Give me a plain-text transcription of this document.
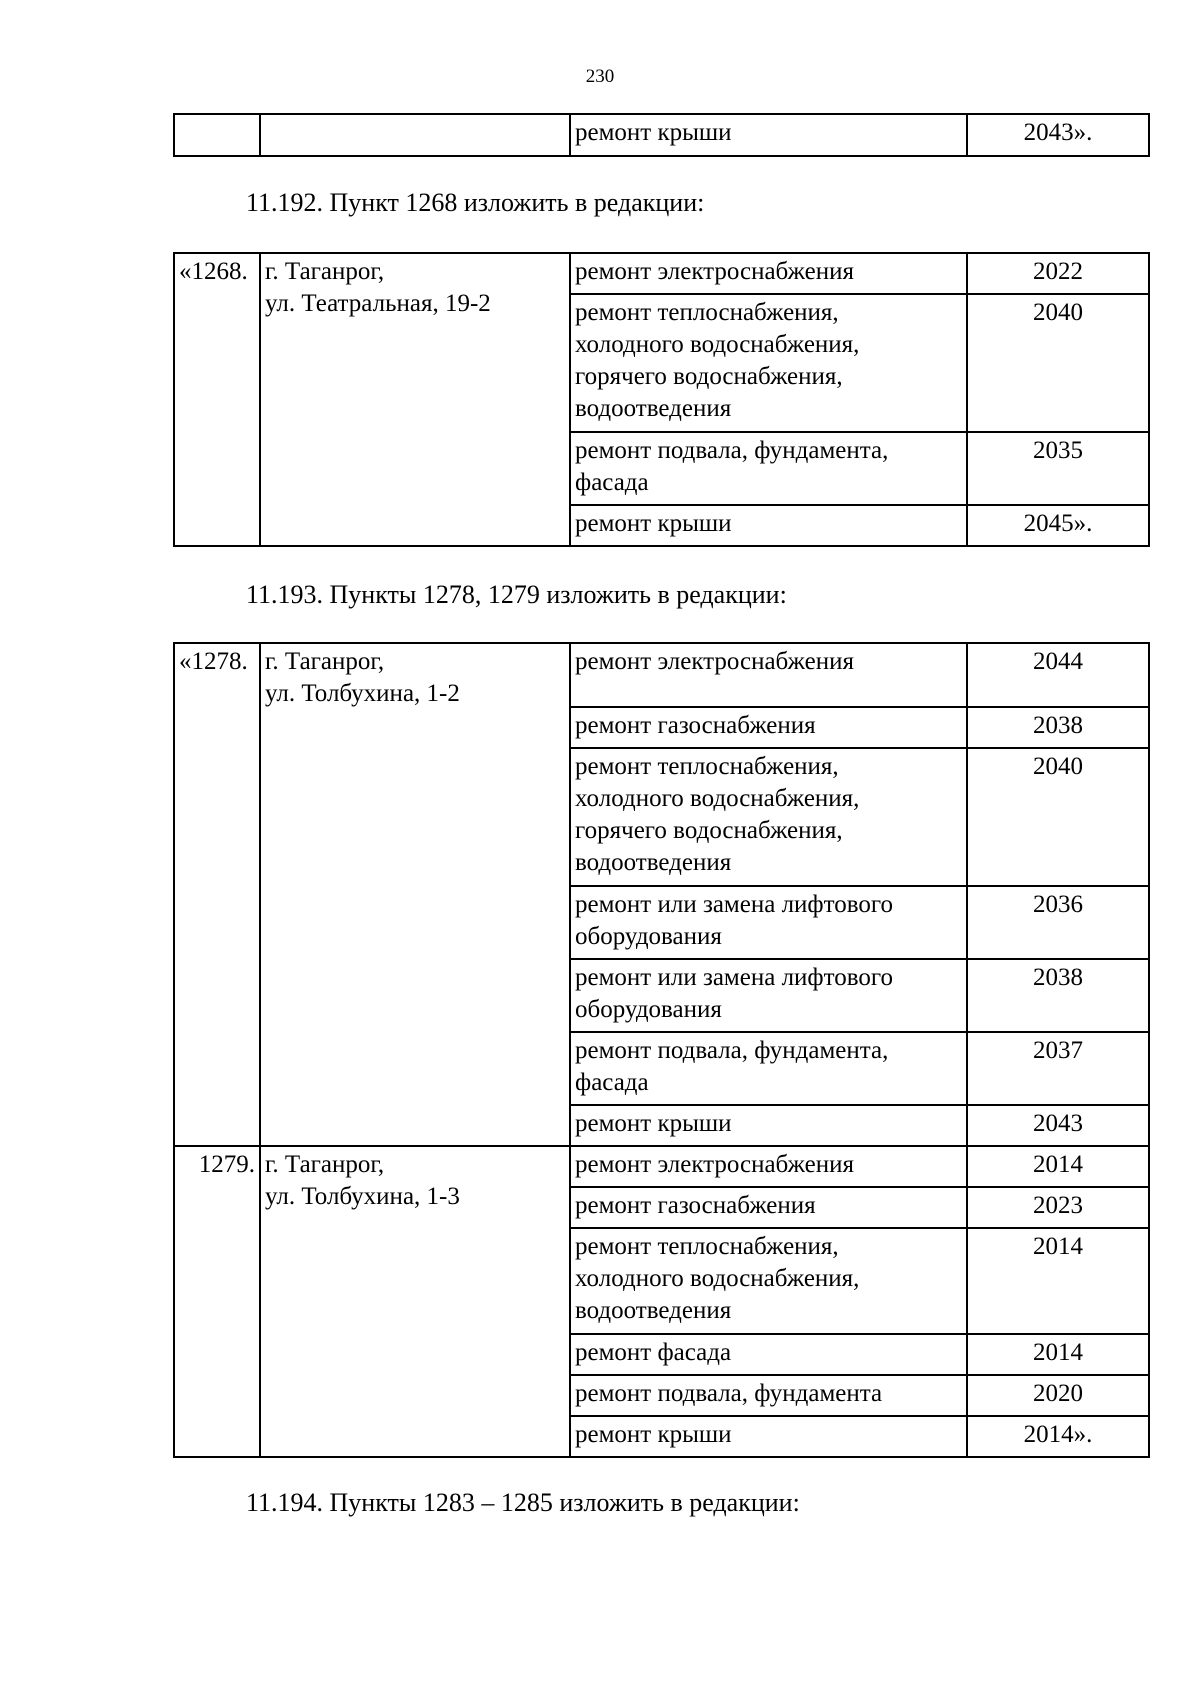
230
		ремонт крыши	2043».
11.192. Пункт 1268 изложить в редакции:
«1268.	г. Таганрог,
ул. Театральная, 19-2	ремонт электроснабжения	2022
		ремонт теплоснабжения,
холодного водоснабжения,
горячего водоснабжения,
водоотведения	2040
		ремонт подвала, фундамента,
фасада	2035
		ремонт крыши	2045».
11.193. Пункты 1278, 1279 изложить в редакции:
«1278.	г. Таганрог,
ул. Толбухина, 1-2	ремонт электроснабжения	2044
		ремонт газоснабжения	2038
		ремонт теплоснабжения,
холодного водоснабжения,
горячего водоснабжения,
водоотведения	2040
		ремонт или замена лифтового
оборудования	2036
		ремонт или замена лифтового
оборудования	2038
		ремонт подвала, фундамента,
фасада	2037
		ремонт крыши	2043
1279.	г. Таганрог,
ул. Толбухина, 1-3	ремонт электроснабжения	2014
		ремонт газоснабжения	2023
		ремонт теплоснабжения,
холодного водоснабжения,
водоотведения	2014
		ремонт фасада	2014
		ремонт подвала, фундамента	2020
		ремонт крыши	2014».
11.194. Пункты 1283 – 1285 изложить в редакции:
